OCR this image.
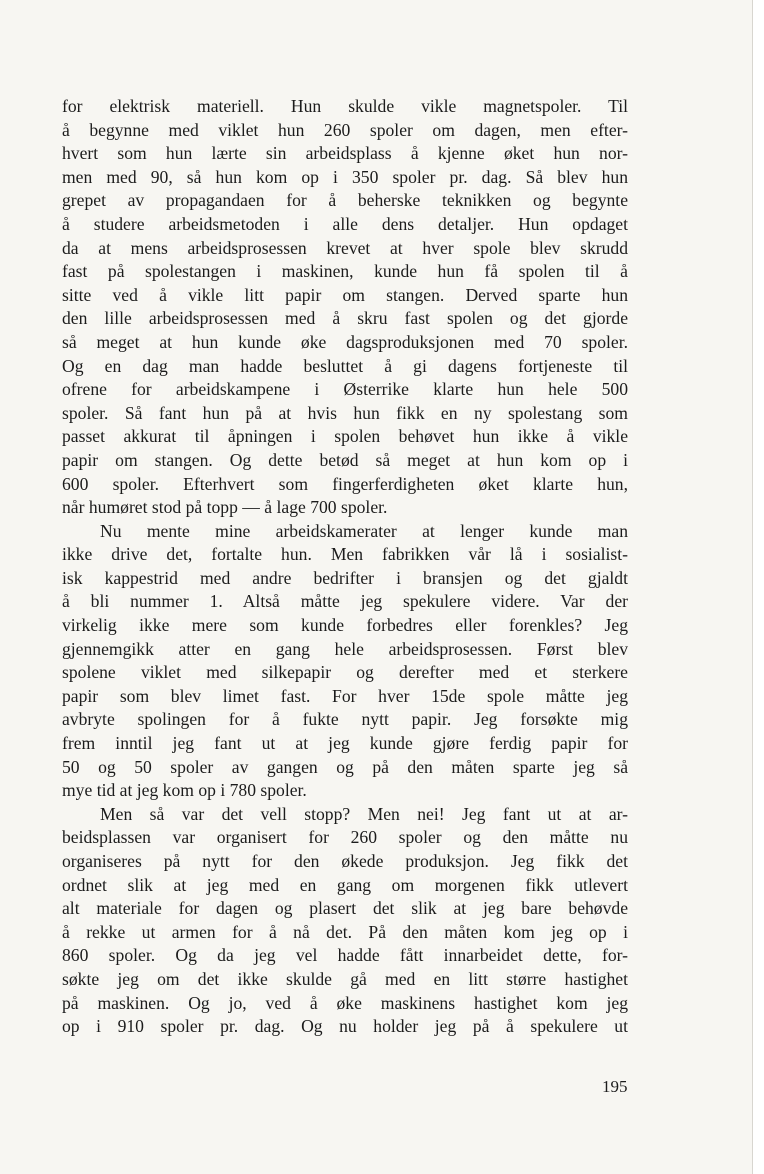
for elektrisk materiell. Hun skulde vikle magnetspoler. Til
å begynne med viklet hun 260 spoler om dagen, men efter-
hvert som hun lærte sin arbeidsplass å kjenne øket hun nor-
men med 90, så hun kom op i 350 spoler pr. dag. Så blev hun
grepet av propagandaen for å beherske teknikken og begynte
å studere arbeidsmetoden i alle dens detaljer. Hun opdaget
da at mens arbeidsprosessen krevet at hver spole blev skrudd
fast på spolestangen i maskinen, kunde hun få spolen til å
sitte ved å vikle litt papir om stangen. Derved sparte hun
den lille arbeidsprosessen med å skru fast spolen og det gjorde
så meget at hun kunde øke dagsproduksjonen med 70 spoler.
Og en dag man hadde besluttet å gi dagens fortjeneste til
ofrene for arbeidskampene i Østerrike klarte hun hele 500
spoler. Så fant hun på at hvis hun fikk en ny spolestang som
passet akkurat til åpningen i spolen behøvet hun ikke å vikle
papir om stangen. Og dette betød så meget at hun kom op i
600 spoler. Efterhvert som fingerferdigheten øket klarte hun,
når humøret stod på topp — å lage 700 spoler.
Nu mente mine arbeidskamerater at lenger kunde man
ikke drive det, fortalte hun. Men fabrikken vår lå i sosialist-
isk kappestrid med andre bedrifter i bransjen og det gjaldt
å bli nummer 1. Altså måtte jeg spekulere videre. Var der
virkelig ikke mere som kunde forbedres eller forenkles? Jeg
gjennemgikk atter en gang hele arbeidsprosessen. Først blev
spolene viklet med silkepapir og derefter med et sterkere
papir som blev limet fast. For hver 15de spole måtte jeg
avbryte spolingen for å fukte nytt papir. Jeg forsøkte mig
frem inntil jeg fant ut at jeg kunde gjøre ferdig papir for
50 og 50 spoler av gangen og på den måten sparte jeg så
mye tid at jeg kom op i 780 spoler.
Men så var det vell stopp? Men nei! Jeg fant ut at ar-
beidsplassen var organisert for 260 spoler og den måtte nu
organiseres på nytt for den økede produksjon. Jeg fikk det
ordnet slik at jeg med en gang om morgenen fikk utlevert
alt materiale for dagen og plasert det slik at jeg bare behøvde
å rekke ut armen for å nå det. På den måten kom jeg op i
860 spoler. Og da jeg vel hadde fått innarbeidet dette, for-
søkte jeg om det ikke skulde gå med en litt større hastighet
på maskinen. Og jo, ved å øke maskinens hastighet kom jeg
op i 910 spoler pr. dag. Og nu holder jeg på å spekulere ut
195
